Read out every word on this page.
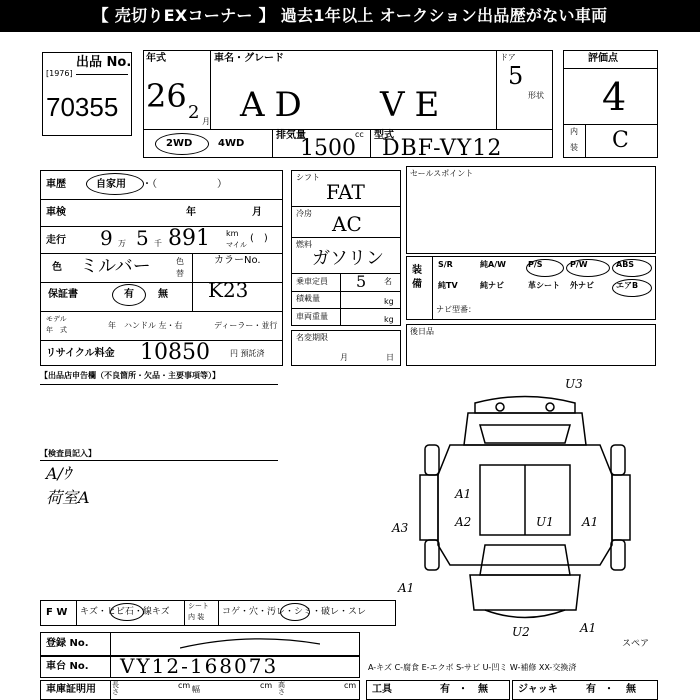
【 売切りEXコーナー 】 過去1年以上 オークション出品歴がない車両
出品 No.
[1976]
70355
年式
26 2 月
車名・グレード
AD VE
ドア
5
形状
評価点
4
内
装 C
2WD	4WD
排気量	cc
1500
型式
DBF-VY12
車歴	自家用 ・（　　　　　　）
車検	年	月
走行 9 万 5 千 891 km
マイル
(　)
色 ミルバー	色
替
カラーNo.
K23
保証書	有 無
モデル
年　式	年 ハンドル 左・右	ディーラー・並行
リサイクル料金 10850	円 預託済
シフト
FAT
冷房 AC
燃料
ガソリン
乗車定員 5 名
積載量	kg
車両重量	kg
名変期限
月	日
セールスポイント
装備
S/R	純A/W	P/S	P/W	ABS
純TV	純ナビ	革シート 外ナビ	エアB
ナビ型番：
後日品
【出品店申告欄（不良箇所・欠品・主要事項等）】
【検査員記入】
A/ｳ
荷室A
U3
A1
A2	U1 A1
A3
A1
U2	A1
スペア
F W キズ・ヒビ石・線キズ
シート
内 装 コゲ・穴・汚レ・シミ・破レ・スレ
登録 No.
車台 No. VY12-168073	A-キズ C-腐食 E-エクボ S-サビ U-凹ミ W-補修 XX-交換済
車庫証明用 長さ
cm 幅	cm 高さ
cm 工具	有 ・ 無	ジャッキ	有 ・ 無
